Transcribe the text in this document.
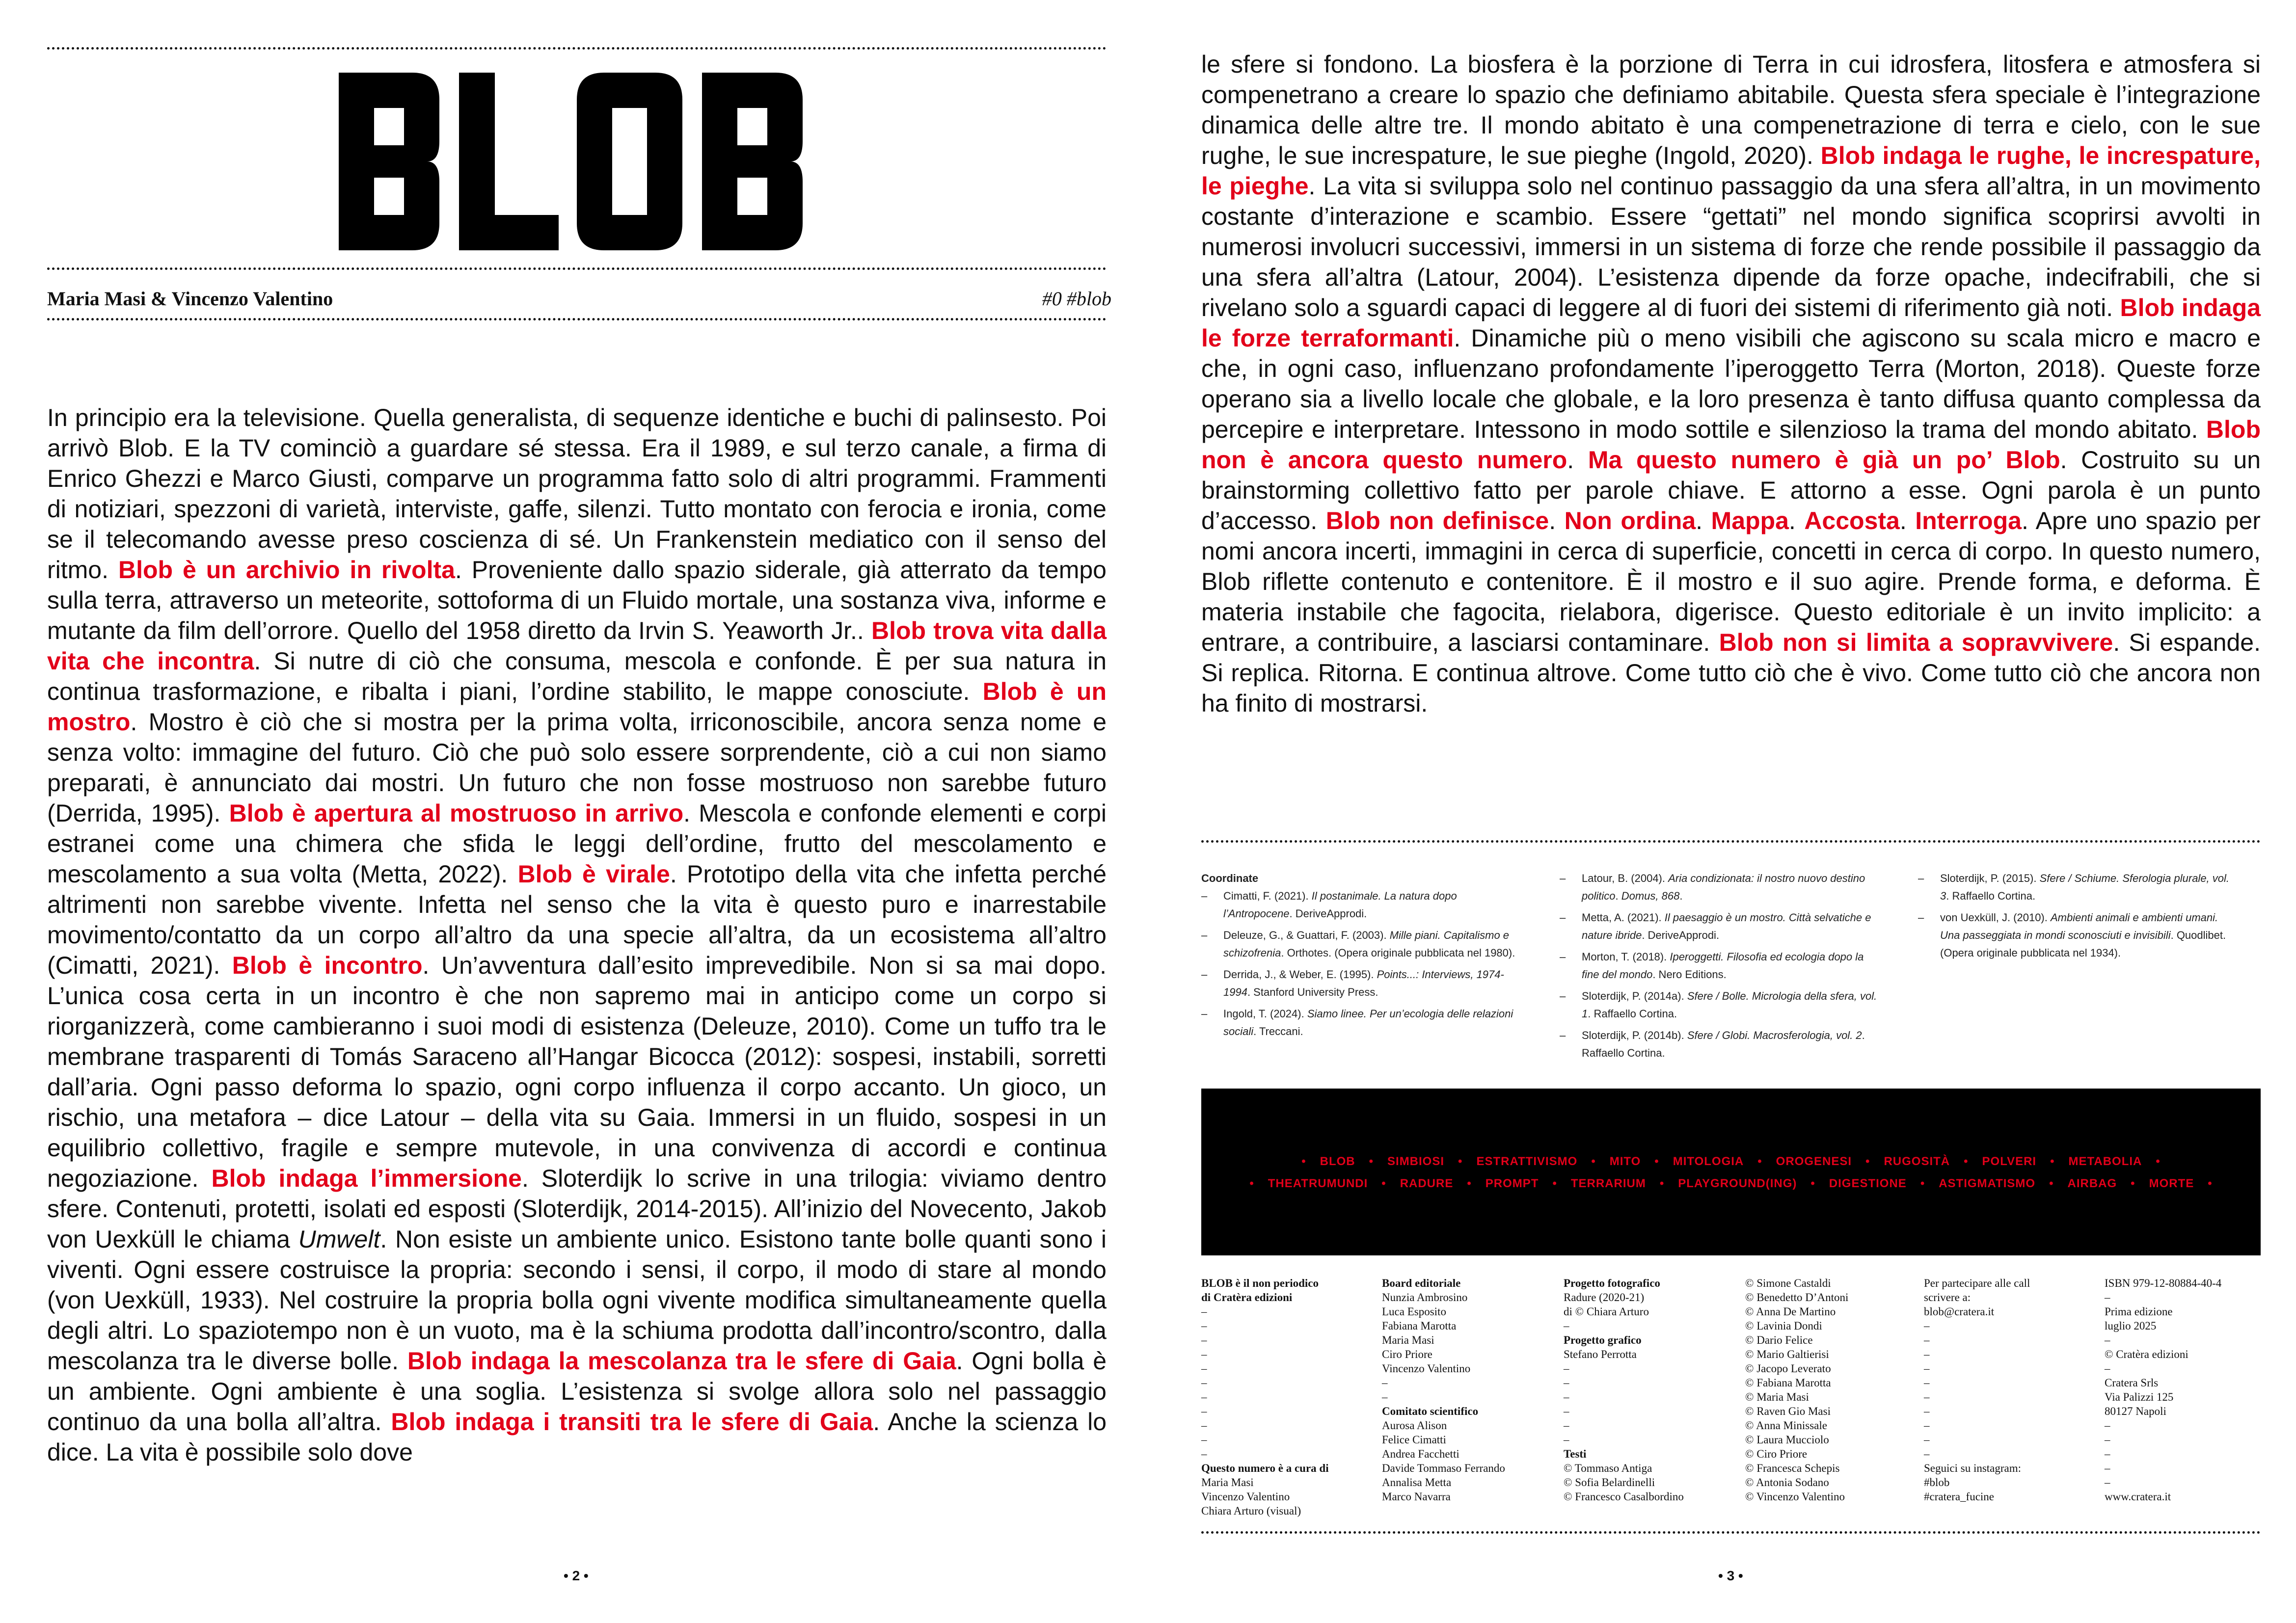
Maria Masi & Vincenzo Valentino	#0 #blob
In principio era la televisione. Quella generalista, di sequenze identiche e buchi di palinsesto. Poi arrivò Blob. E la TV cominciò a guardare sé stessa. Era il 1989, e sul terzo canale, a firma di Enrico Ghezzi e Marco Giusti, comparve un programma fatto solo di altri programmi. Frammenti di notiziari, spezzoni di varietà, interviste, gaffe, silenzi. Tutto montato con ferocia e ironia, come se il telecomando avesse preso coscienza di sé. Un Frankenstein mediatico con il senso del ritmo. Blob è un archivio in rivolta. Proveniente dallo spazio siderale, già atterrato da tempo sulla terra, attraverso un meteorite, sottoforma di un Fluido mortale, una sostanza viva, informe e mutante da film dell’orrore. Quello del 1958 diretto da Irvin S. Yeaworth Jr.. Blob trova vita dalla vita che incontra. Si nutre di ciò che consuma, mescola e confonde. È per sua natura in continua trasformazione, e ribalta i piani, l’ordine stabilito, le mappe conosciute. Blob è un mostro. Mostro è ciò che si mostra per la prima volta, irriconoscibile, ancora senza nome e senza volto: immagine del futuro. Ciò che può solo essere sorprendente, ciò a cui non siamo preparati, è annunciato dai mostri. Un futuro che non fosse mostruoso non sarebbe futuro (Derrida, 1995). Blob è apertura al mostruoso in arrivo. Mescola e confonde elementi e corpi estranei come una chimera che sfida le leggi dell’ordine, frutto del mescolamento e mescolamento a sua volta (Metta, 2022). Blob è virale. Prototipo della vita che infetta perché altrimenti non sarebbe vivente. Infetta nel senso che la vita è questo puro e inarrestabile movimento/contatto da un corpo all’altro da una specie all’altra, da un ecosistema all’altro (Cimatti, 2021). Blob è incontro. Un’avventura dall’esito imprevedibile. Non si sa mai dopo. L’unica cosa certa in un incontro è che non sapremo mai in anticipo come un corpo si riorganizzerà, come cambieranno i suoi modi di esistenza (Deleuze, 2010). Come un tuffo tra le membrane trasparenti di Tomás Saraceno all’Hangar Bicocca (2012): sospesi, instabili, sorretti dall’aria. Ogni passo deforma lo spazio, ogni corpo influenza il corpo accanto. Un gioco, un rischio, una metafora – dice Latour – della vita su Gaia. Immersi in un fluido, sospesi in un equilibrio collettivo, fragile e sempre mutevole, in una convivenza di accordi e continua negoziazione. Blob indaga l’immersione. Sloterdijk lo scrive in una trilogia: viviamo dentro sfere. Contenuti, protetti, isolati ed esposti (Sloterdijk, 2014-2015). All’inizio del Novecento, Jakob von Uexküll le chiama Umwelt. Non esiste un ambiente unico. Esistono tante bolle quanti sono i viventi. Ogni essere costruisce la propria: secondo i sensi, il corpo, il modo di stare al mondo (von Uexküll, 1933). Nel costruire la propria bolla ogni vivente modifica simultaneamente quella degli altri. Lo spaziotempo non è un vuoto, ma è la schiuma prodotta dall’incontro/scontro, dalla mescolanza tra le diverse bolle. Blob indaga la mescolanza tra le sfere di Gaia. Ogni bolla è un ambiente. Ogni ambiente è una soglia. L’esistenza si svolge allora solo nel passaggio continuo da una bolla all’altra. Blob indaga i transiti tra le sfere di Gaia. Anche la scienza lo dice. La vita è possibile solo dove
• 2 •
le sfere si fondono. La biosfera è la porzione di Terra in cui idrosfera, litosfera e atmosfera si compenetrano a creare lo spazio che definiamo abitabile. Questa sfera speciale è l’integrazione dinamica delle altre tre. Il mondo abitato è una compenetrazione di terra e cielo, con le sue rughe, le sue increspature, le sue pieghe (Ingold, 2020). Blob indaga le rughe, le increspature, le pieghe. La vita si sviluppa solo nel continuo passaggio da una sfera all’altra, in un movimento costante d’interazione e scambio. Essere “gettati” nel mondo significa scoprirsi avvolti in numerosi involucri successivi, immersi in un sistema di forze che rende possibile il passaggio da una sfera all’altra (Latour, 2004). L’esistenza dipende da forze opache, indecifrabili, che si rivelano solo a sguardi capaci di leggere al di fuori dei sistemi di riferimento già noti. Blob indaga le forze terraformanti. Dinamiche più o meno visibili che agiscono su scala micro e macro e che, in ogni caso, influenzano profondamente l’iperoggetto Terra (Morton, 2018). Queste forze operano sia a livello locale che globale, e la loro presenza è tanto diffusa quanto complessa da percepire e interpretare. Intessono in modo sottile e silenzioso la trama del mondo abitato. Blob non è ancora questo numero. Ma questo numero è già un po’ Blob. Costruito su un brainstorming collettivo fatto per parole chiave. E attorno a esse. Ogni parola è un punto d’accesso. Blob non definisce. Non ordina. Mappa. Accosta. Interroga. Apre uno spazio per nomi ancora incerti, immagini in cerca di superficie, concetti in cerca di corpo. In questo numero, Blob riflette contenuto e contenitore. È il mostro e il suo agire. Prende forma, e deforma. È materia instabile che fagocita, rielabora, digerisce. Questo editoriale è un invito implicito: a entrare, a contribuire, a lasciarsi contaminare. Blob non si limita a sopravvivere. Si espande. Si replica. Ritorna. E continua altrove. Come tutto ciò che è vivo. Come tutto ciò che ancora non ha finito di mostrarsi.
Coordinate
– Cimatti, F. (2021). Il postanimale. La natura dopo l’Antropocene. DeriveApprodi.
– Deleuze, G., & Guattari, F. (2003). Mille piani. Capitalismo e schizofrenia. Orthotes. (Opera originale pubblicata nel 1980).
– Derrida, J., & Weber, E. (1995). Points...: Interviews, 1974-1994. Stanford University Press.
– Ingold, T. (2024). Siamo linee. Per un’ecologia delle relazioni sociali. Treccani.
– Latour, B. (2004). Aria condizionata: il nostro nuovo destino politico. Domus, 868.
– Metta, A. (2021). Il paesaggio è un mostro. Città selvatiche e nature ibride. DeriveApprodi.
– Morton, T. (2018). Iperoggetti. Filosofia ed ecologia dopo la fine del mondo. Nero Editions.
– Sloterdijk, P. (2014a). Sfere / Bolle. Micrologia della sfera, vol. 1. Raffaello Cortina.
– Sloterdijk, P. (2014b). Sfere / Globi. Macrosferologia, vol. 2. Raffaello Cortina.
– Sloterdijk, P. (2015). Sfere / Schiume. Sferologia plurale, vol. 3. Raffaello Cortina.
– von Uexküll, J. (2010). Ambienti animali e ambienti umani. Una passeggiata in mondi sconosciuti e invisibili. Quodlibet. (Opera originale pubblicata nel 1934).
• BLOB • SIMBIOSI • ESTRATTIVISMO • MITO • MITOLOGIA • OROGENESI • RUGOSITÀ • POLVERI • METABOLIA •
• THEATRUMUNDI • RADURE • PROMPT • TERRARIUM • PLAYGROUND(ING) • DIGESTIONE • ASTIGMATISMO • AIRBAG • MORTE •
BLOB è il non periodico
di Cratèra edizioni
–
–
–
–
–
–
–
–
–
–
–
Questo numero è a cura di
Maria Masi
Vincenzo Valentino
Chiara Arturo (visual)
Board editoriale
Nunzia Ambrosino
Luca Esposito
Fabiana Marotta
Maria Masi
Ciro Priore
Vincenzo Valentino
–
–
Comitato scientifico
Aurosa Alison
Felice Cimatti
Andrea Facchetti
Davide Tommaso Ferrando
Annalisa Metta
Marco Navarra
Progetto fotografico
Radure (2020-21)
di © Chiara Arturo
–
Progetto grafico
Stefano Perrotta
–
–
–
–
–
–
Testi
© Tommaso Antiga
© Sofia Belardinelli
© Francesco Casalbordino
© Simone Castaldi
© Benedetto D’Antoni
© Anna De Martino
© Lavinia Dondi
© Dario Felice
© Mario Galtierisi
© Jacopo Leverato
© Fabiana Marotta
© Maria Masi
© Raven Gio Masi
© Anna Minissale
© Laura Mucciolo
© Ciro Priore
© Francesca Schepis
© Antonia Sodano
© Vincenzo Valentino
Per partecipare alle call
scrivere a:
blob@cratera.it
–
–
–
–
–
–
–
–
–
–
Seguici su instagram:
#blob
#cratera_fucine
ISBN 979-12-80884-40-4
–
Prima edizione
luglio 2025
–
© Cratèra edizioni
–
Cratera Srls
Via Palizzi 125
80127 Napoli
–
–
–
–
–
www.cratera.it
• 3 •
